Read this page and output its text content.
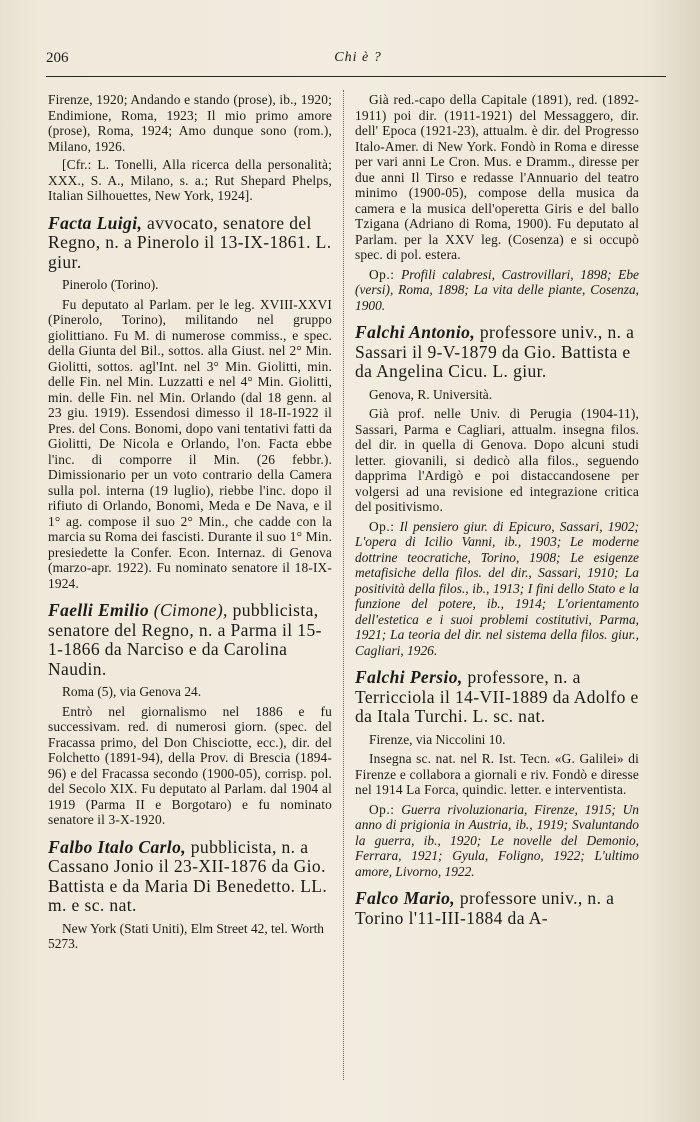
206	Chi è ?

Firenze, 1920; Andando e stando (prose), ib., 1920; Endimione, Roma, 1923; Il mio primo amore (prose), Roma, 1924; Amo dunque sono (rom.), Milano, 1926.

[Cfr.: L. Tonelli, Alla ricerca della personalità; XXX., S. A., Milano, s. a.; Rut Shepard Phelps, Italian Silhouettes, New York, 1924].

Facta Luigi, avvocato, senatore del Regno, n. a Pinerolo il 13-IX-1861. L. giur.

Pinerolo (Torino).

Fu deputato al Parlam. per le leg. XVIII-XXVI (Pinerolo, Torino), militando nel gruppo giolittiano. Fu M. di numerose commiss., e spec. della Giunta del Bil., sottos. alla Giust. nel 2° Min. Giolitti, sottos. agl'Int. nel 3° Min. Giolitti, min. delle Fin. nel Min. Luzzatti e nel 4° Min. Giolitti, min. delle Fin. nel Min. Orlando (dal 18 genn. al 23 giu. 1919). Essendosi dimesso il 18-II-1922 il Pres. del Cons. Bonomi, dopo vani tentativi fatti da Giolitti, De Nicola e Orlando, l'on. Facta ebbe l'inc. di comporre il Min. (26 febbr.). Dimissionario per un voto contrario della Camera sulla pol. interna (19 luglio), riebbe l'inc. dopo il rifiuto di Orlando, Bonomi, Meda e De Nava, e il 1° ag. compose il suo 2° Min., che cadde con la marcia su Roma dei fascisti. Durante il suo 1° Min. presiedette la Confer. Econ. Internaz. di Genova (marzo-apr. 1922). Fu nominato senatore il 18-IX-1924.

Faelli Emilio (Cimone), pubblicista, senatore del Regno, n. a Parma il 15-1-1866 da Narciso e da Carolina Naudin.

Roma (5), via Genova 24.

Entrò nel giornalismo nel 1886 e fu successivam. red. di numerosi giorn. (spec. del Fracassa primo, del Don Chisciotte, ecc.), dir. del Folchetto (1891-94), della Prov. di Brescia (1894-96) e del Fracassa secondo (1900-05), corrisp. pol. del Secolo XIX. Fu deputato al Parlam. dal 1904 al 1919 (Parma II e Borgotaro) e fu nominato senatore il 3-X-1920.

Falbo Italo Carlo, pubblicista, n. a Cassano Jonio il 23-XII-1876 da Gio. Battista e da Maria Di Benedetto. LL. m. e sc. nat.

New York (Stati Uniti), Elm Street 42, tel. Worth 5273.

Già red.-capo della Capitale (1891), red. (1892-1911) poi dir. (1911-1921) del Messaggero, dir. dell' Epoca (1921-23), attualm. è dir. del Progresso Italo-Amer. di New York. Fondò in Roma e diresse per vari anni Le Cron. Mus. e Dramm., diresse per due anni Il Tirso e redasse l'Annuario del teatro minimo (1900-05), compose della musica da camera e la musica dell'operetta Giris e del ballo Tzigana (Adriano di Roma, 1900). Fu deputato al Parlam. per la XXV leg. (Cosenza) e si occupò spec. di pol. estera.

Op.: Profili calabresi, Castrovillari, 1898; Ebe (versi), Roma, 1898; La vita delle piante, Cosenza, 1900.

Falchi Antonio, professore univ., n. a Sassari il 9-V-1879 da Gio. Battista e da Angelina Cicu. L. giur.

Genova, R. Università.

Già prof. nelle Univ. di Perugia (1904-11), Sassari, Parma e Cagliari, attualm. insegna filos. del dir. in quella di Genova. Dopo alcuni studi letter. giovanili, si dedicò alla filos., seguendo dapprima l'Ardigò e poi distaccandosene per volgersi ad una revisione ed integrazione critica del positivismo.

Op.: Il pensiero giur. di Epicuro, Sassari, 1902; L'opera di Icilio Vanni, ib., 1903; Le moderne dottrine teocratiche, Torino, 1908; Le esigenze metafisiche della filos. del dir., Sassari, 1910; La positività della filos., ib., 1913; I fini dello Stato e la funzione del potere, ib., 1914; L'orientamento dell'estetica e i suoi problemi costitutivi, Parma, 1921; La teoria del dir. nel sistema della filos. giur., Cagliari, 1926.

Falchi Persio, professore, n. a Terricciola il 14-VII-1889 da Adolfo e da Itala Turchi. L. sc. nat.

Firenze, via Niccolini 10.

Insegna sc. nat. nel R. Ist. Tecn. «G. Galilei» di Firenze e collabora a giornali e riv. Fondò e diresse nel 1914 La Forca, quindic. letter. e interventista.

Op.: Guerra rivoluzionaria, Firenze, 1915; Un anno di prigionia in Austria, ib., 1919; Svaluntando la guerra, ib., 1920; Le novelle del Demonio, Ferrara, 1921; Gyula, Foligno, 1922; L'ultimo amore, Livorno, 1922.

Falco Mario, professore univ., n. a Torino l'11-III-1884 da A-
